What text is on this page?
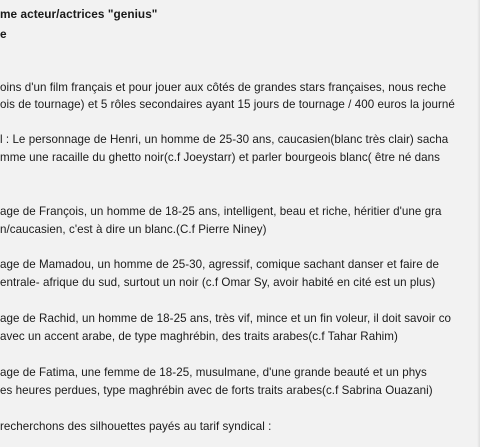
me acteur/actrices "genius"
e
oins d'un film français et pour jouer aux côtés de grandes stars françaises, nous reche
ois de tournage) et 5 rôles secondaires ayant 15 jours de tournage / 400 euros la journé
l : Le personnage de Henri, un homme de 25-30 ans, caucasien(blanc très clair) sacha
mme une racaille du ghetto noir(c.f Joeystarr) et parler bourgeois blanc( être né dans
age de François, un homme de 18-25 ans, intelligent, beau et riche, héritier d'une gra
n/caucasien, c'est à dire un blanc.(C.f Pierre Niney)
age de Mamadou, un homme de 25-30, agressif, comique sachant danser et faire de
entrale- afrique du sud, surtout un noir (c.f Omar Sy, avoir habité en cité est un plus)
age de Rachid, un homme de 18-25 ans, très vif, mince et un fin voleur, il doit savoir co
avec un accent arabe, de type maghrébin, des traits arabes(c.f Tahar Rahim)
age de Fatima, une femme de 18-25, musulmane, d'une grande beauté et un phys
es heures perdues, type maghrébin avec de forts traits arabes(c.f Sabrina Ouazani)
recherchons des silhouettes payés au tarif syndical :
